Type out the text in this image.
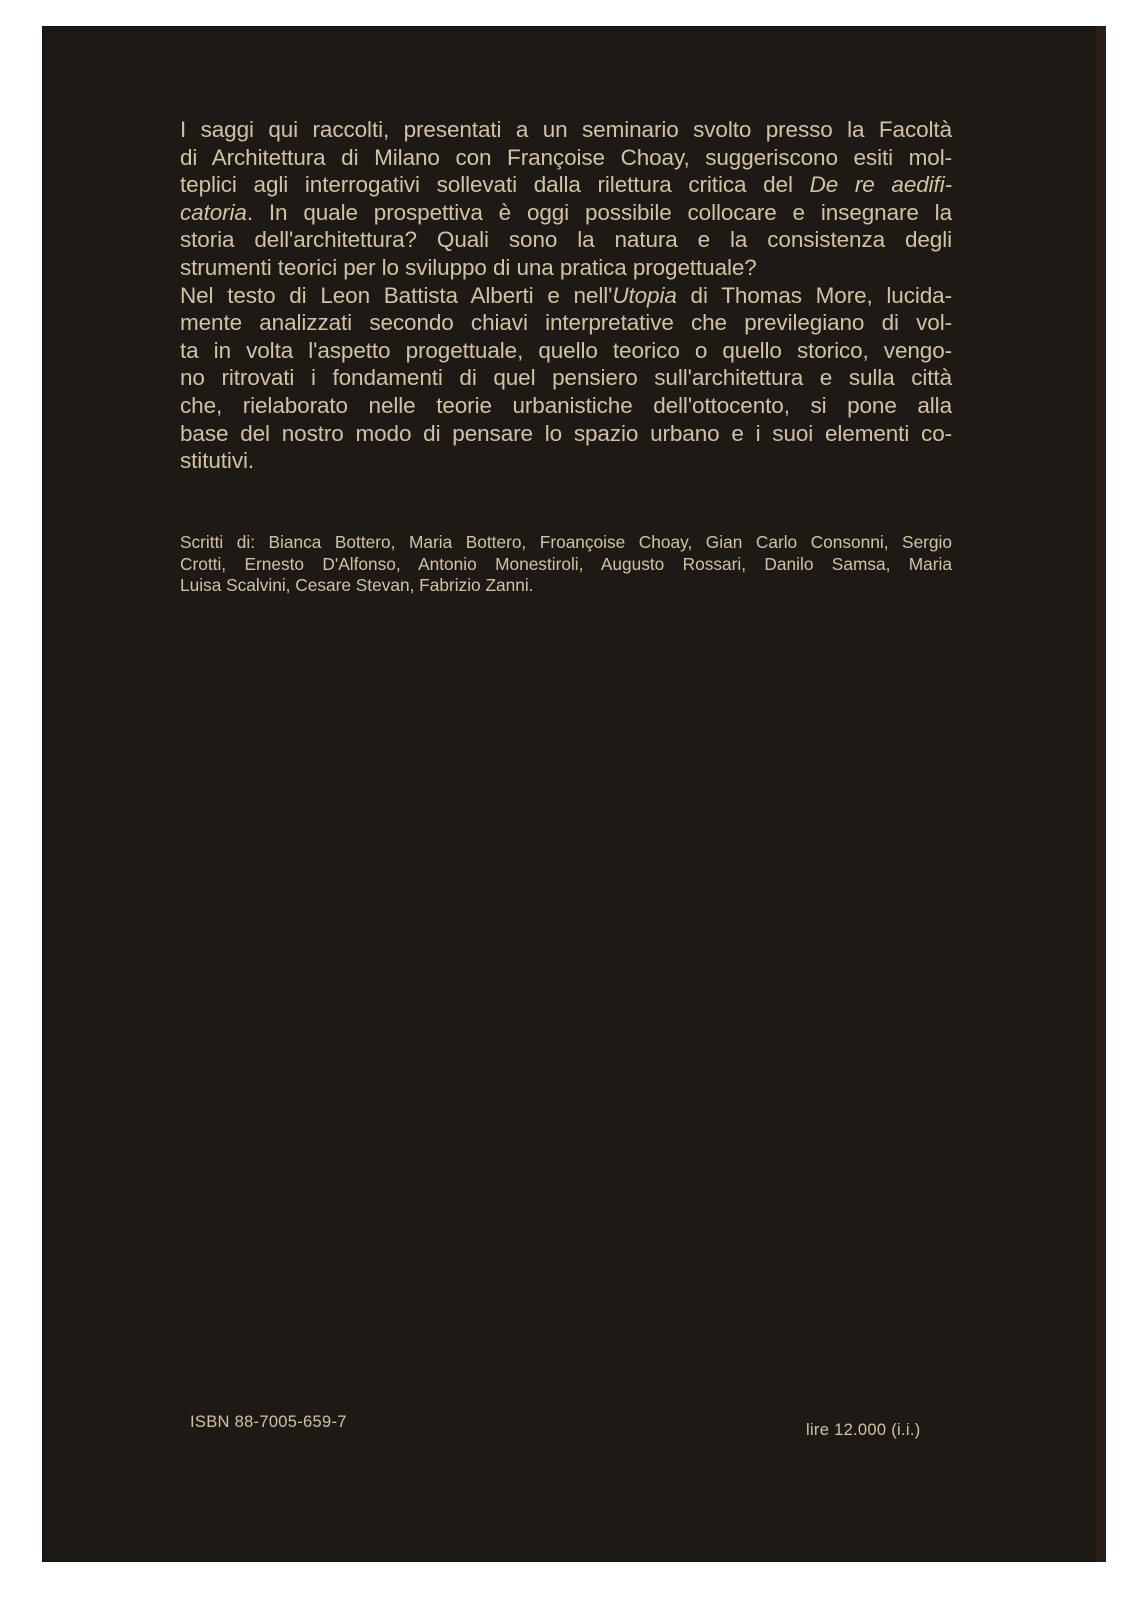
I saggi qui raccolti, presentati a un seminario svolto presso la Facoltà
di Architettura di Milano con Françoise Choay, suggeriscono esiti mol-
teplici agli interrogativi sollevati dalla rilettura critica del De re aedifi-
catoria. In quale prospettiva è oggi possibile collocare e insegnare la
storia dell'architettura? Quali sono la natura e la consistenza degli
strumenti teorici per lo sviluppo di una pratica progettuale?
Nel testo di Leon Battista Alberti e nell'Utopia di Thomas More, lucida-
mente analizzati secondo chiavi interpretative che previlegiano di vol-
ta in volta l'aspetto progettuale, quello teorico o quello storico, vengo-
no ritrovati i fondamenti di quel pensiero sull'architettura e sulla città
che, rielaborato nelle teorie urbanistiche dell'ottocento, si pone alla
base del nostro modo di pensare lo spazio urbano e i suoi elementi co-
stitutivi.
Scritti di: Bianca Bottero, Maria Bottero, Froançoise Choay, Gian Carlo Consonni, Sergio
Crotti, Ernesto D'Alfonso, Antonio Monestiroli, Augusto Rossari, Danilo Samsa, Maria
Luisa Scalvini, Cesare Stevan, Fabrizio Zanni.
ISBN 88-7005-659-7	lire 12.000 (i.i.)
